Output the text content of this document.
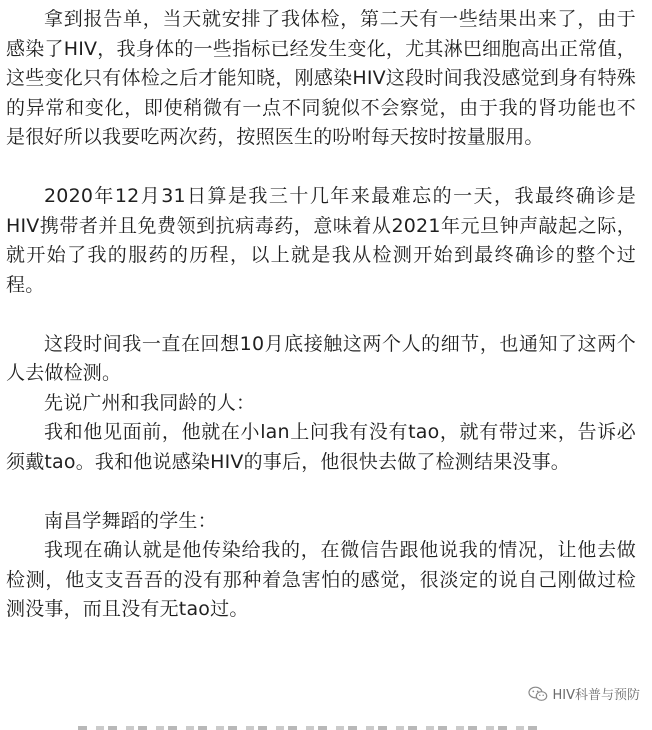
拿到报告单，当天就安排了我体检，第二天有一些结果出来了，由于感染了HIV，我身体的一些指标已经发生变化，尤其淋巴细胞高出正常值，这些变化只有体检之后才能知晓，刚感染HIV这段时间我没感觉到身有特殊的异常和变化，即使稍微有一点不同貌似不会察觉，由于我的肾功能也不是很好所以我要吃两次药，按照医生的吩咐每天按时按量服用。

2020年12月31日算是我三十几年来最难忘的一天，我最终确诊是HIV携带者并且免费领到抗病毒药，意味着从2021年元旦钟声敲起之际，就开始了我的服药的历程，以上就是我从检测开始到最终确诊的整个过程。

这段时间我一直在回想10月底接触这两个人的细节，也通知了这两个人去做检测。

先说广州和我同龄的人：

我和他见面前，他就在小lan上问我有没有tao，就有带过来，告诉必须戴tao。我和他说感染HIV的事后，他很快去做了检测结果没事。

南昌学舞蹈的学生：

我现在确认就是他传染给我的，在微信告跟他说我的情况，让他去做检测，他支支吾吾的没有那种着急害怕的感觉，很淡定的说自己刚做过检测没事，而且没有无tao过。

HIV科普与预防
